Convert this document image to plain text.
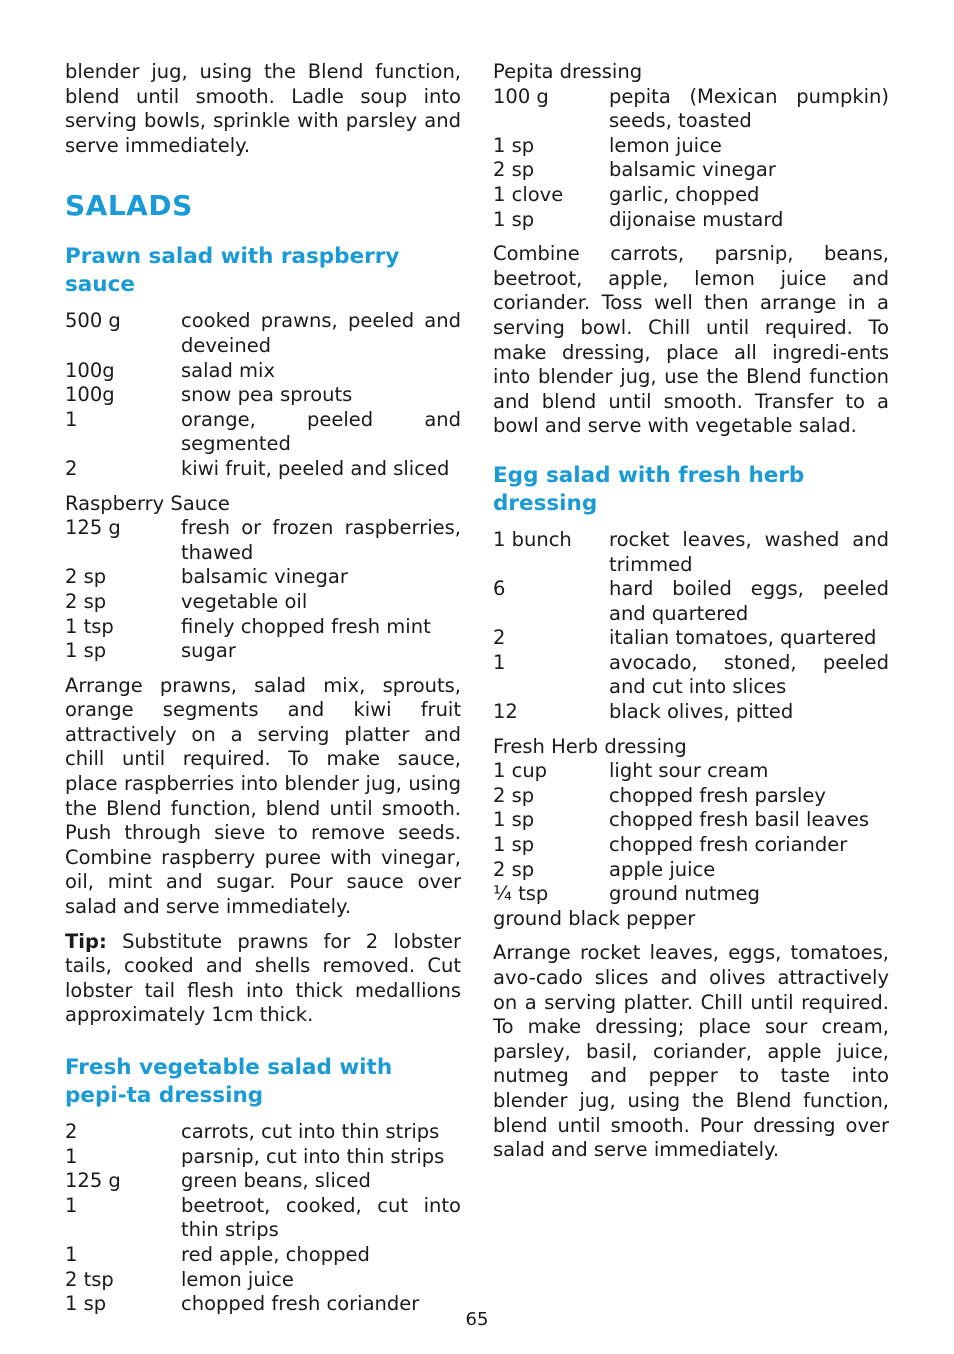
blender jug, using the Blend function, blend until smooth. Ladle soup into serving bowls, sprinkle with parsley and serve immediately.

SALADS
Prawn salad with raspberry sauce
500 g	cooked prawns, peeled and deveined
100g	salad mix
100g	snow pea sprouts
1	orange, peeled and segmented
2	kiwi fruit, peeled and sliced

Raspberry Sauce

125 g	fresh or frozen raspberries, thawed
2 sp	balsamic vinegar
2 sp	vegetable oil
1 tsp	finely chopped fresh mint
1 sp	sugar

Arrange prawns, salad mix, sprouts, orange segments and kiwi fruit attractively on a serving platter and chill until required. To make sauce, place raspberries into blender jug, using the Blend function, blend until smooth. Push through sieve to remove seeds. Combine raspberry puree with vinegar, oil, mint and sugar. Pour sauce over salad and serve immediately.

Tip: Substitute prawns for 2 lobster tails, cooked and shells removed. Cut lobster tail flesh into thick medallions approximately 1cm thick.

Fresh vegetable salad with pepi-ta dressing
2	carrots, cut into thin strips
1	parsnip, cut into thin strips
125 g	green beans, sliced
1	beetroot, cooked, cut into thin strips
1	red apple, chopped
2 tsp	lemon juice
1 sp	chopped fresh coriander

Pepita dressing

100 g	pepita (Mexican pumpkin) seeds, toasted
1 sp	lemon juice
2 sp	balsamic vinegar
1 clove	garlic, chopped
1 sp	dijonaise mustard

Combine carrots, parsnip, beans, beetroot, apple, lemon juice and coriander. Toss well then arrange in a serving bowl. Chill until required. To make dressing, place all ingredi-ents into blender jug, use the Blend function and blend until smooth. Transfer to a bowl and serve with vegetable salad.

Egg salad with fresh herb dressing
1 bunch	rocket leaves, washed and trimmed
6	hard boiled eggs, peeled and quartered
2	italian tomatoes, quartered
1	avocado, stoned, peeled and cut into slices
12	black olives, pitted

Fresh Herb dressing

1 cup	light sour cream
2 sp	chopped fresh parsley
1 sp	chopped fresh basil leaves
1 sp	chopped fresh coriander
2 sp	apple juice
¼ tsp	ground nutmeg

ground black pepper

Arrange rocket leaves, eggs, tomatoes, avo-cado slices and olives attractively on a serving platter. Chill until required. To make dressing; place sour cream, parsley, basil, coriander, apple juice, nutmeg and pepper to taste into blender jug, using the Blend function, blend until smooth. Pour dressing over salad and serve immediately.

65
